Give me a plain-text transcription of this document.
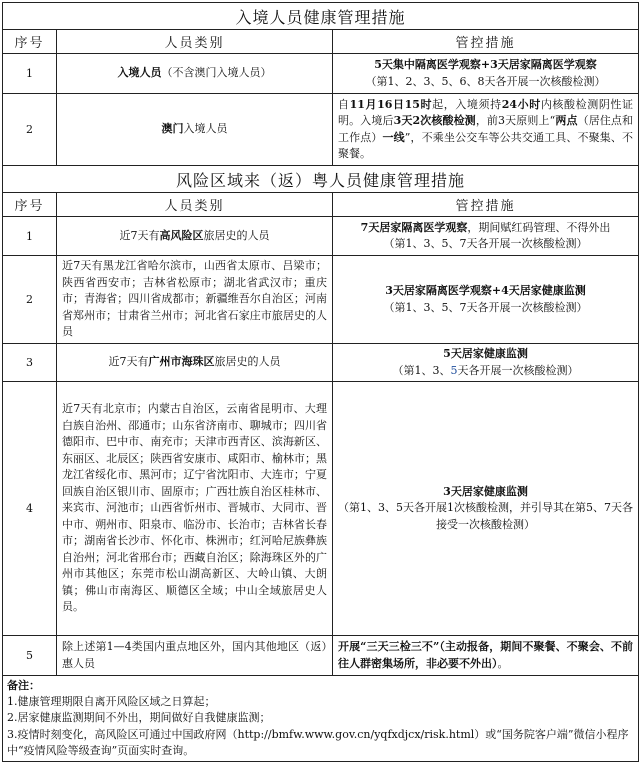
入境人员健康管理措施		
序号	人员类别	管控措施
1	入境人员（不含澳门入境人员）	5天集中隔离医学观察+3天居家隔离医学观察
（第1、2、3、5、6、8天各开展一次核酸检测）

2	澳门入境人员	自11月16日15时起，入境须持24小时内核酸检测阴性证明。入境后3天2次核酸检测，前3天原则上“两点（居住点和工作点）一线”，不乘坐公交车等公共交通工具、不聚集、不聚餐。
风险区域来（返）粤人员健康管理措施		
序号	人员类别	管控措施
1	近7天有高风险区旅居史的人员	7天居家隔离医学观察，期间赋红码管理、不得外出
（第1、3、5、7天各开展一次核酸检测）

2	近7天有黑龙江省哈尔滨市，山西省太原市、吕梁市；陕西省西安市；吉林省松原市；湖北省武汉市；重庆市；青海省；四川省成都市；新疆维吾尔自治区；河南省郑州市；甘肃省兰州市；河北省石家庄市旅居史的人员	3天居家隔离医学观察+4天居家健康监测
（第1、3、5、7天各开展一次核酸检测）

3	近7天有广州市海珠区旅居史的人员	5天居家健康监测
（第1、3、5天各开展一次核酸检测）

4	近7天有北京市；内蒙古自治区，云南省昆明市、大理白族自治州、邵通市；山东省济南市、聊城市；四川省德阳市、巴中市、南充市；天津市西青区、滨海新区、东丽区、北辰区；陕西省安康市、咸阳市、榆林市；黑龙江省绥化市、黑河市；辽宁省沈阳市、大连市；宁夏回族自治区银川市、固原市；广西壮族自治区桂林市、来宾市、河池市；山西省忻州市、晋城市、大同市、晋中市、朔州市、阳泉市、临汾市、长治市；吉林省长春市；湖南省长沙市、怀化市、株洲市；红河哈尼族彝族自治州；河北省邢台市；西藏自治区；除海珠区外的广州市其他区；东莞市松山湖高新区、大岭山镇、大朗镇；佛山市南海区、顺德区全域；中山全域旅居史人员。	3天居家健康监测
（第1、3、5天各开展1次核酸检测，并引导其在第5、7天各接受一次核酸检测）

5	除上述第1—4类国内重点地区外，国内其他地区（返）惠人员	开展“三天三检三不”（主动报备，期间不聚餐、不聚会、不前往人群密集场所，非必要不外出）。

备注：
1.健康管理期限自离开风险区域之日算起；
2.居家健康监测期间不外出，期间做好自我健康监测；
3.疫情时刻变化，高风险区可通过中国政府网（http://bmfw.www.gov.cn/yqfxdjcx/risk.html）或“国务院客户端”微信小程序中“疫情风险等级查询”页面实时查询。		
